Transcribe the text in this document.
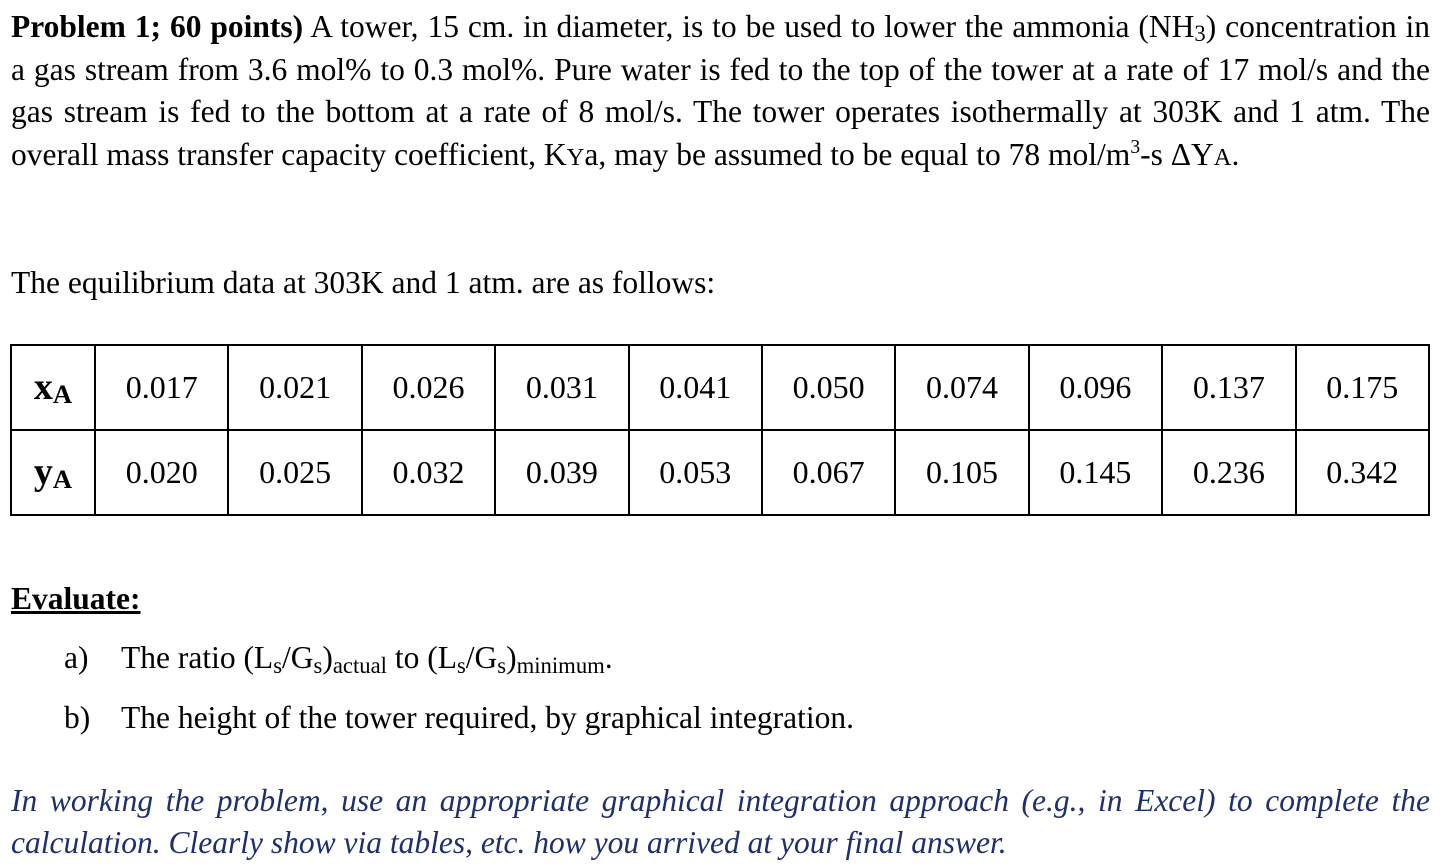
Problem 1; 60 points) A tower, 15 cm. in diameter, is to be used to lower the ammonia (NH3) concentration in a gas stream from 3.6 mol% to 0.3 mol%. Pure water is fed to the top of the tower at a rate of 17 mol/s and the gas stream is fed to the bottom at a rate of 8 mol/s. The tower operates isothermally at 303K and 1 atm. The overall mass transfer capacity coefficient, KYa, may be assumed to be equal to 78 mol/$m^3-s$ ΔYA.
The equilibrium data at 303K and 1 atm. are as follows:
xA	0.017	0.021	0.026	0.031	0.041	0.050	0.074	0.096	0.137	0.175
yA	0.020	0.025	0.032	0.039	0.053	0.067	0.105	0.145	0.236	0.342
Evaluate:
a) The ratio (Ls/Gs)actual to (Ls/Gs)minimum.
b) The height of the tower required, by graphical integration.
In working the problem, use an appropriate graphical integration approach (e.g., in Excel) to complete the calculation. Clearly show via tables, etc. how you arrived at your final answer.
